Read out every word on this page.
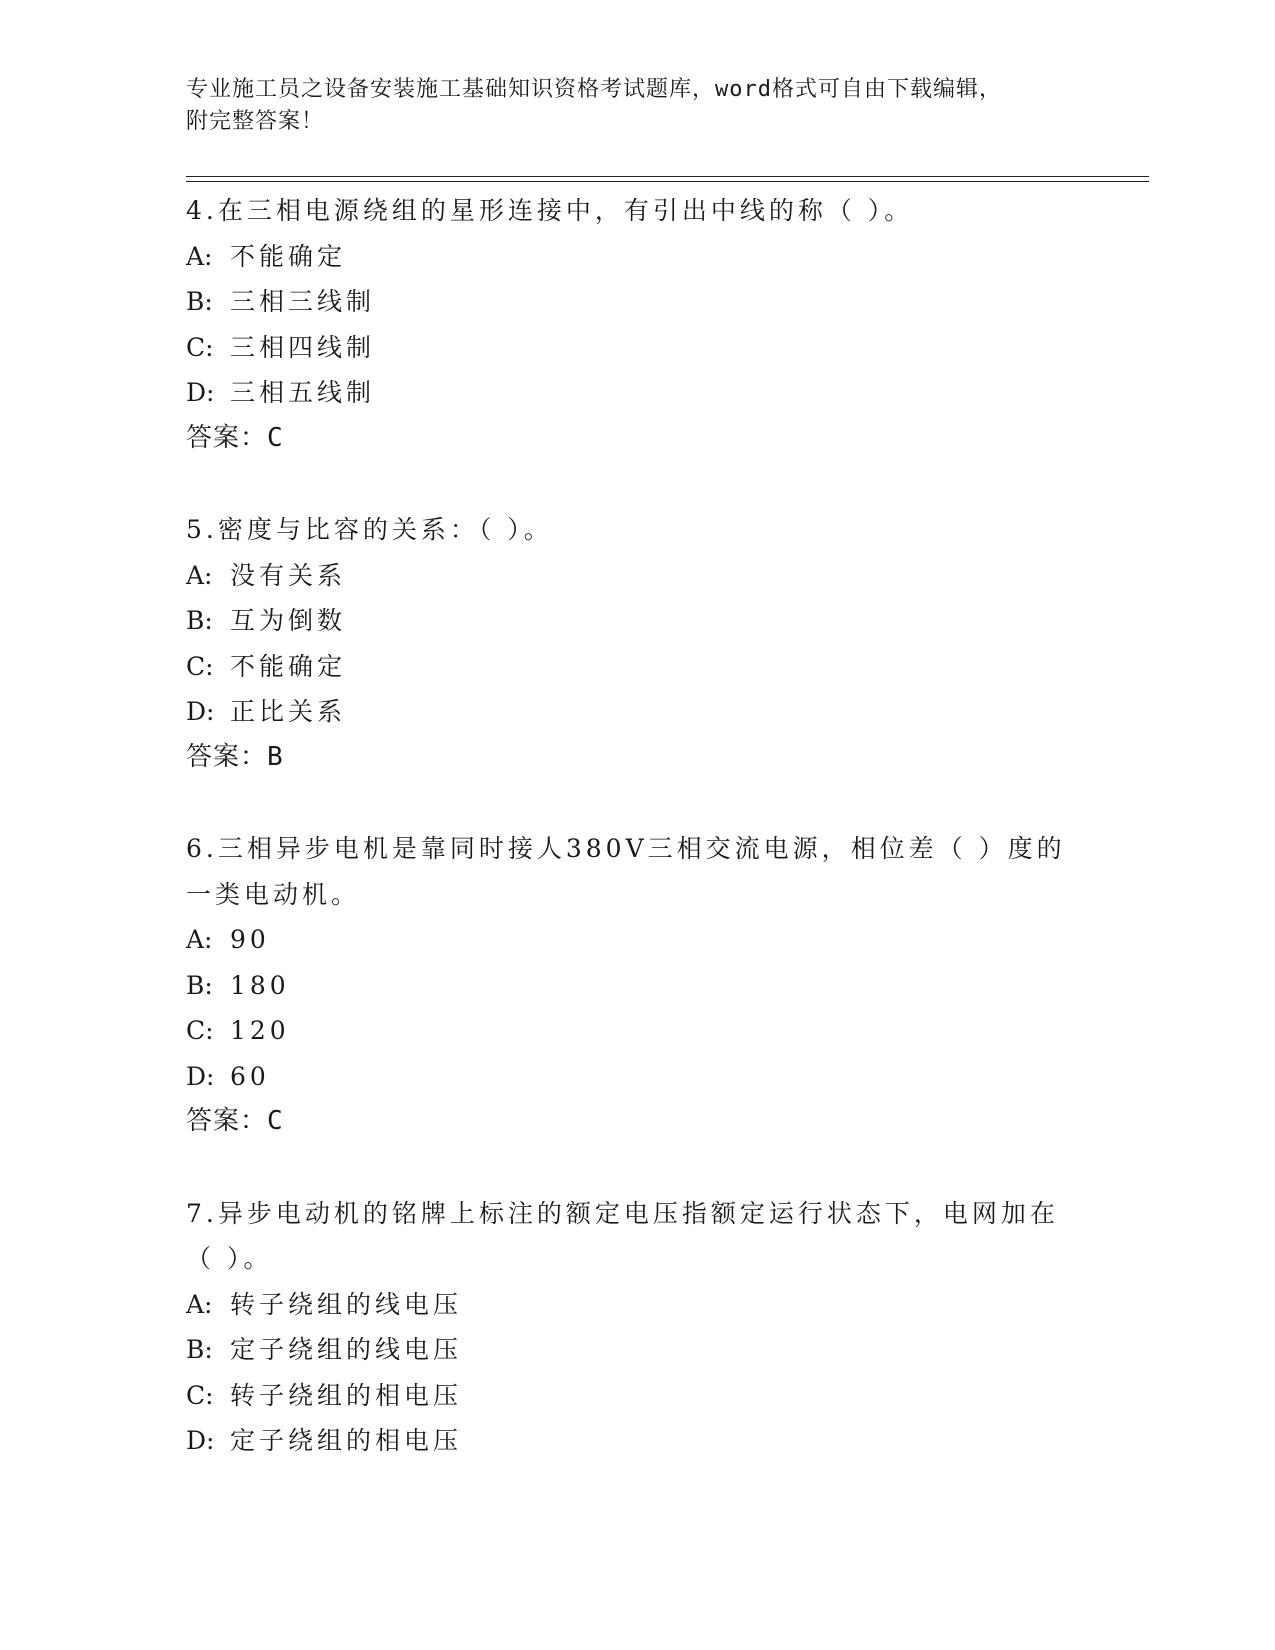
专业施工员之设备安装施工基础知识资格考试题库，word格式可自由下载编辑，
附完整答案！
4.在三相电源绕组的星形连接中，有引出中线的称（ ）。
A: 不能确定
B: 三相三线制
C: 三相四线制
D: 三相五线制
答案：C
5.密度与比容的关系：（ ）。
A: 没有关系
B: 互为倒数
C: 不能确定
D: 正比关系
答案：B
6.三相异步电机是靠同时接人380V三相交流电源，相位差（ ）度的一类电动机。
A: 90
B: 180
C: 120
D: 60
答案：C
7.异步电动机的铭牌上标注的额定电压指额定运行状态下，电网加在（ ）。
A: 转子绕组的线电压
B: 定子绕组的线电压
C: 转子绕组的相电压
D: 定子绕组的相电压
